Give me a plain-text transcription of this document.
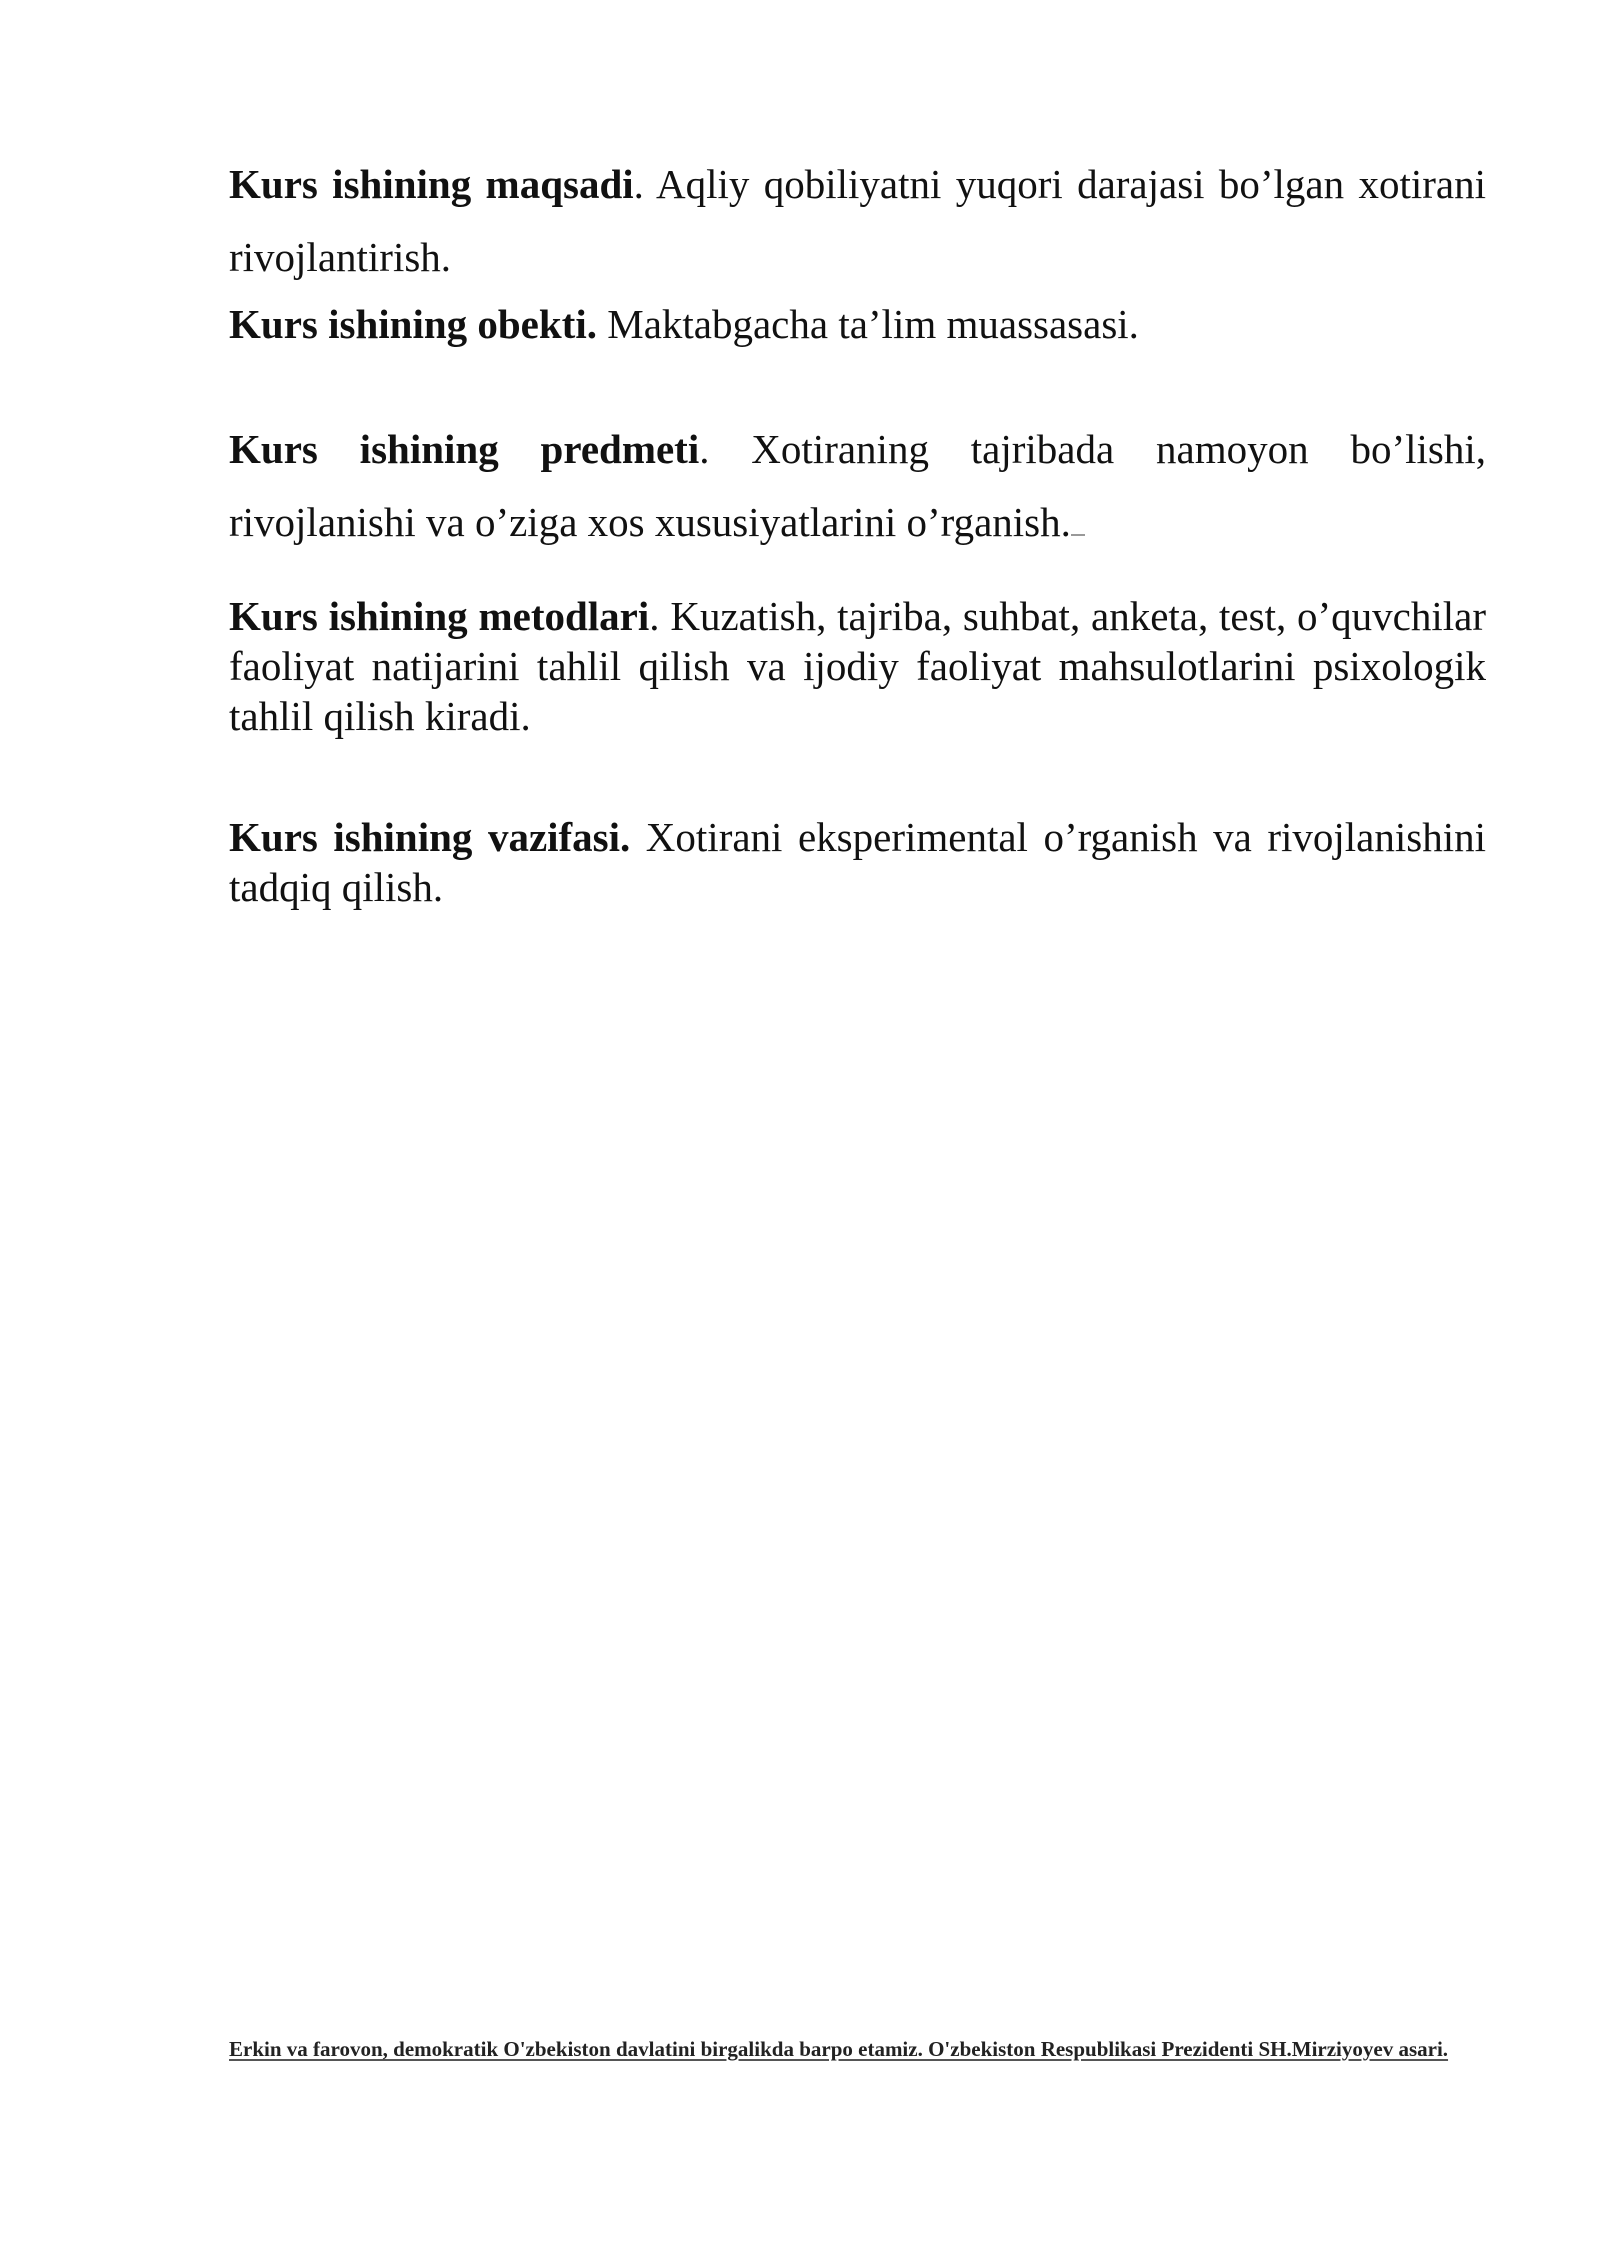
Kurs ishining maqsadi. Aqliy qobiliyatni yuqori darajasi bo’lgan xotirani rivojlantirish.

Kurs ishining obekti. Maktabgacha ta’lim muassasasi.

Kurs ishining predmeti. Xotiraning tajribada namoyon bo’lishi, rivojlanishi va o’ziga xos xususiyatlarini o’rganish.

Kurs ishining metodlari. Kuzatish, tajriba, suhbat, anketa, test, o’quvchilar faoliyat natijarini tahlil qilish va ijodiy faoliyat mahsulotlarini psixologik tahlil qilish kiradi.

Kurs ishining vazifasi. Xotirani eksperimental o’rganish va rivojlanishini tadqiq qilish.

Erkin va farovon, demokratik O'zbekiston davlatini birgalikda barpo etamiz. O'zbekiston Respublikasi Prezidenti SH.Mirziyoyev asari.
